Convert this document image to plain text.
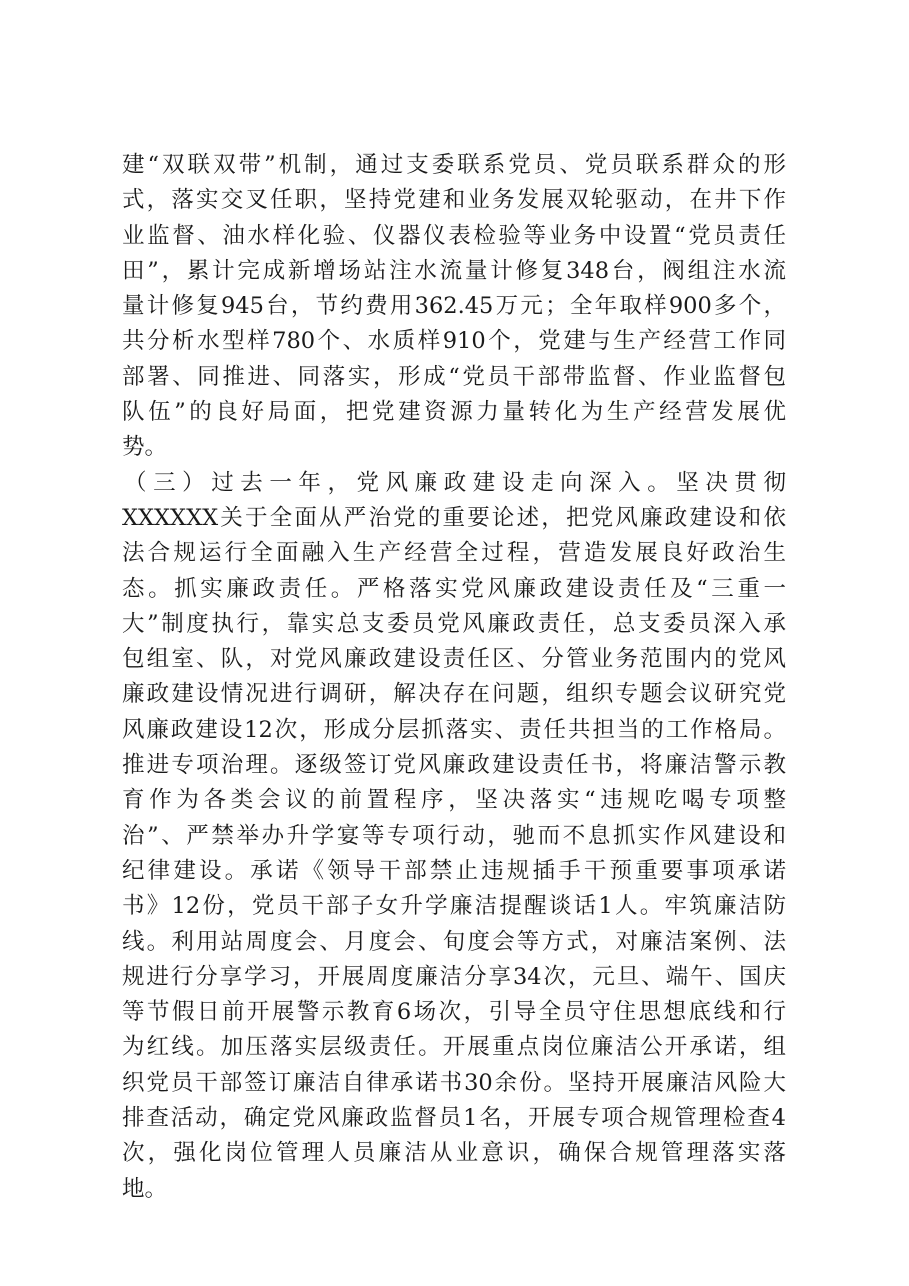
建“双联双带”机制，通过支委联系党员、党员联系群众的形
式，落实交叉任职，坚持党建和业务发展双轮驱动，在井下作
业监督、油水样化验、仪器仪表检验等业务中设置“党员责任
田”，累计完成新增场站注水流量计修复348台，阀组注水流
量计修复945台，节约费用362.45万元；全年取样900多个，
共分析水型样780个、水质样910个，党建与生产经营工作同
部署、同推进、同落实，形成“党员干部带监督、作业监督包
队伍”的良好局面，把党建资源力量转化为生产经营发展优
势。
（三）过去一年，党风廉政建设走向深入。坚决贯彻
XXXXXX关于全面从严治党的重要论述，把党风廉政建设和依
法合规运行全面融入生产经营全过程，营造发展良好政治生
态。抓实廉政责任。严格落实党风廉政建设责任及“三重一
大”制度执行，靠实总支委员党风廉政责任，总支委员深入承
包组室、队，对党风廉政建设责任区、分管业务范围内的党风
廉政建设情况进行调研，解决存在问题，组织专题会议研究党
风廉政建设12次，形成分层抓落实、责任共担当的工作格局。
推进专项治理。逐级签订党风廉政建设责任书，将廉洁警示教
育作为各类会议的前置程序，坚决落实“违规吃喝专项整
治”、严禁举办升学宴等专项行动，驰而不息抓实作风建设和
纪律建设。承诺《领导干部禁止违规插手干预重要事项承诺
书》12份，党员干部子女升学廉洁提醒谈话1人。牢筑廉洁防
线。利用站周度会、月度会、旬度会等方式，对廉洁案例、法
规进行分享学习，开展周度廉洁分享34次，元旦、端午、国庆
等节假日前开展警示教育6场次，引导全员守住思想底线和行
为红线。加压落实层级责任。开展重点岗位廉洁公开承诺，组
织党员干部签订廉洁自律承诺书30余份。坚持开展廉洁风险大
排查活动，确定党风廉政监督员1名，开展专项合规管理检查4
次，强化岗位管理人员廉洁从业意识，确保合规管理落实落
地。
